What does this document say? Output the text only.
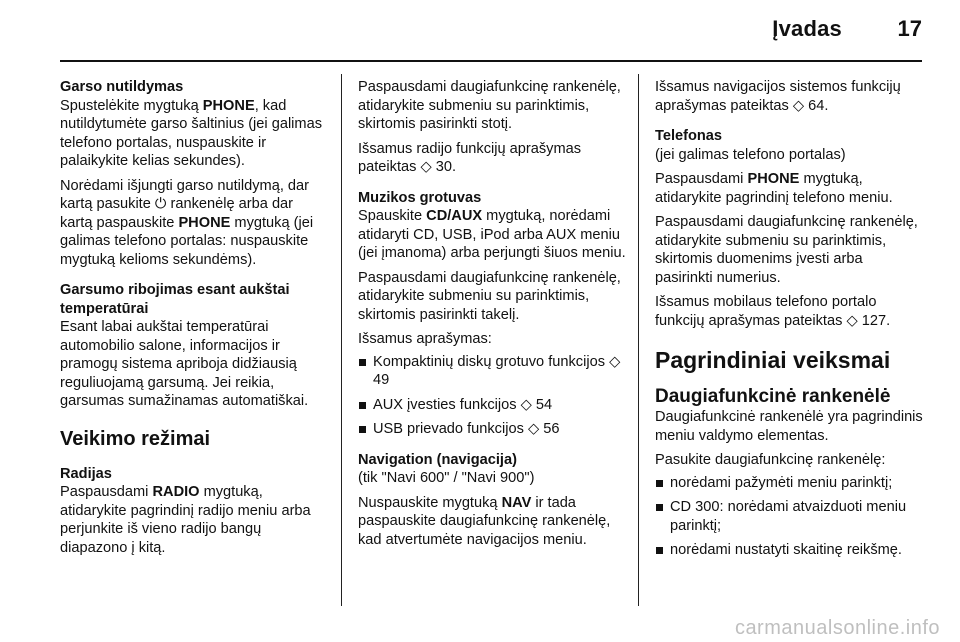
Įvadas	17

Garso nutildymas

Spustelėkite mygtuką PHONE, kad nutildytumėte garso šaltinius (jei galimas telefono portalas, nuspauskite ir palaikykite kelias sekundes).

Norėdami išjungti garso nutildymą, dar kartą pasukite ⏻ rankenėlę arba dar kartą paspauskite PHONE mygtuką (jei galimas telefono portalas: nuspauskite mygtuką kelioms sekundėms).

Garsumo ribojimas esant aukštai temperatūrai

Esant labai aukštai temperatūrai automobilio salone, informacijos ir pramogų sistema apriboja didžiausią reguliuojamą garsumą. Jei reikia, garsumas sumažinamas automatiškai.

Veikimo režimai

Radijas

Paspausdami RADIO mygtuką, atidarykite pagrindinį radijo meniu arba perjunkite iš vieno radijo bangų diapazono į kitą.

Paspausdami daugiafunkcinę rankenėlę, atidarykite submeniu su parinktimis, skirtomis pasirinkti stotį.

Išsamus radijo funkcijų aprašymas pateiktas ◇ 30.

Muzikos grotuvas

Spauskite CD/AUX mygtuką, norėdami atidaryti CD, USB, iPod arba AUX meniu (jei įmanoma) arba perjungti šiuos meniu.

Paspausdami daugiafunkcinę rankenėlę, atidarykite submeniu su parinktimis, skirtomis pasirinkti takelį.

Išsamus aprašymas:

Kompaktinių diskų grotuvo funkcijos ◇ 49
AUX įvesties funkcijos ◇ 54
USB prievado funkcijos ◇ 56

Navigation (navigacija)

(tik "Navi 600" / "Navi 900")

Nuspauskite mygtuką NAV ir tada paspauskite daugiafunkcinę rankenėlę, kad atvertumėte navigacijos meniu.

Išsamus navigacijos sistemos funkcijų aprašymas pateiktas ◇ 64.

Telefonas

(jei galimas telefono portalas)

Paspausdami PHONE mygtuką, atidarykite pagrindinį telefono meniu.

Paspausdami daugiafunkcinę rankenėlę, atidarykite submeniu su parinktimis, skirtomis duomenims įvesti arba pasirinkti numerius.

Išsamus mobilaus telefono portalo funkcijų aprašymas pateiktas ◇ 127.

Pagrindiniai veiksmai
Daugiafunkcinė rankenėlė

Daugiafunkcinė rankenėlė yra pagrindinis meniu valdymo elementas.

Pasukite daugiafunkcinę rankenėlę:

norėdami pažymėti meniu parinktį;
CD 300: norėdami atvaizduoti meniu parinktį;
norėdami nustatyti skaitinę reikšmę.
carmanualsonline.info
